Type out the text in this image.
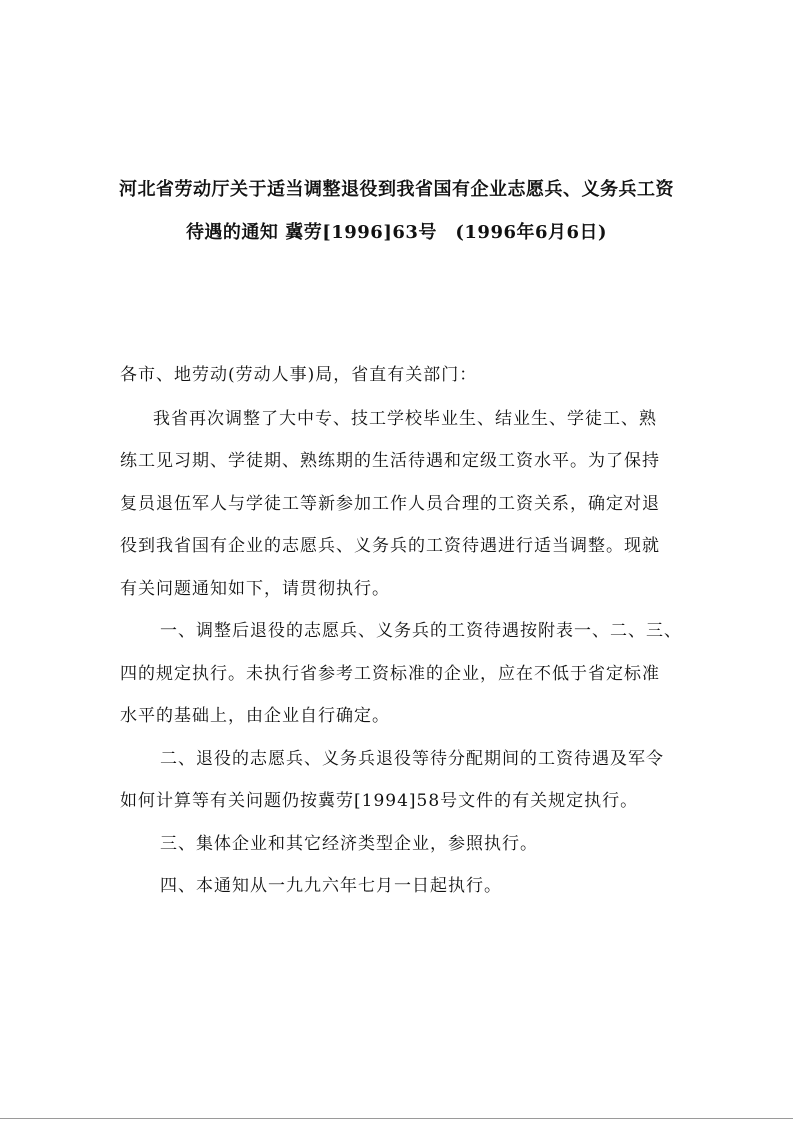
河北省劳动厅关于适当调整退役到我省国有企业志愿兵、义务兵工资
待遇的通知 冀劳[1996]63号　(1996年6月6日)
各市、地劳动(劳动人事)局，省直有关部门：
我省再次调整了大中专、技工学校毕业生、结业生、学徒工、熟
练工见习期、学徒期、熟练期的生活待遇和定级工资水平。为了保持
复员退伍军人与学徒工等新参加工作人员合理的工资关系，确定对退
役到我省国有企业的志愿兵、义务兵的工资待遇进行适当调整。现就
有关问题通知如下，请贯彻执行。
一、调整后退役的志愿兵、义务兵的工资待遇按附表一、二、三、
四的规定执行。未执行省参考工资标准的企业，应在不低于省定标准
水平的基础上，由企业自行确定。
二、退役的志愿兵、义务兵退役等待分配期间的工资待遇及军令
如何计算等有关问题仍按冀劳[1994]58号文件的有关规定执行。
三、集体企业和其它经济类型企业，参照执行。
四、本通知从一九九六年七月一日起执行。
